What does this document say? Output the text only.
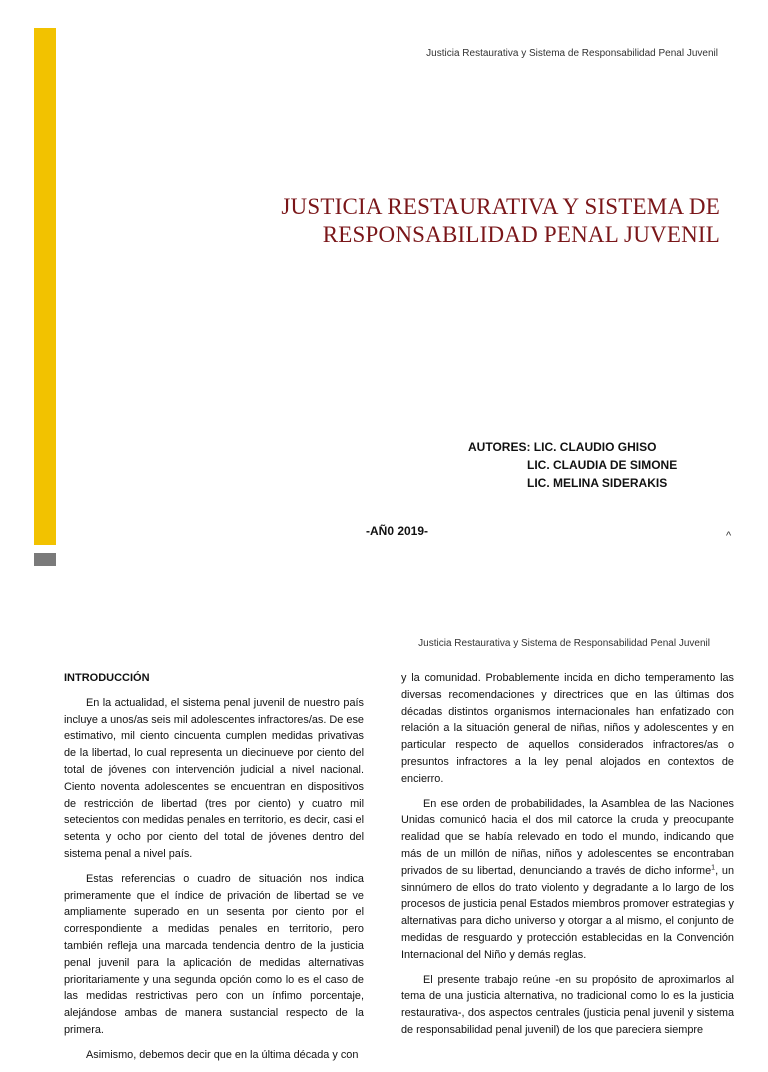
Justicia Restaurativa y Sistema de Responsabilidad Penal Juvenil
JUSTICIA RESTAURATIVA Y SISTEMA DE
RESPONSABILIDAD PENAL JUVENIL
AUTORES: LIC. CLAUDIO GHISO
LIC. CLAUDIA DE SIMONE
LIC. MELINA SIDERAKIS
-AÑ0 2019-	^
Justicia Restaurativa y Sistema de Responsabilidad Penal Juvenil
INTRODUCCIÓN

En la actualidad, el sistema penal juvenil de nuestro país incluye a unos/as seis mil adolescentes infractores/as. De ese estimativo, mil ciento cincuenta cumplen medidas privativas de la libertad, lo cual representa un diecinueve por ciento del total de jóvenes con intervención judicial a nivel nacional. Ciento noventa adolescentes se encuentran en dispositivos de restricción de libertad (tres por ciento) y cuatro mil setecientos con medidas penales en territorio, es decir, casi el setenta y ocho por ciento del total de jóvenes dentro del sistema penal a nivel país.

Estas referencias o cuadro de situación nos indica primeramente que el índice de privación de libertad se ve ampliamente superado en un sesenta por ciento por el correspondiente a medidas penales en territorio, pero también refleja una marcada tendencia dentro de la justicia penal juvenil para la aplicación de medidas alternativas prioritariamente y una segunda opción como lo es el caso de las medidas restrictivas pero con un ínfimo porcentaje, alejándose ambas de manera sustancial respecto de la primera.

Asimismo, debemos decir que en la última década y con

y la comunidad. Probablemente incida en dicho temperamento las diversas recomendaciones y directrices que en las últimas dos décadas distintos organismos internacionales han enfatizado con relación a la situación general de niñas, niños y adolescentes y en particular respecto de aquellos considerados infractores/as o presuntos infractores a la ley penal alojados en contextos de encierro.

En ese orden de probabilidades, la Asamblea de las Naciones Unidas comunicó hacia el dos mil catorce la cruda y preocupante realidad que se había relevado en todo el mundo, indicando que más de un millón de niñas, niños y adolescentes se encontraban privados de su libertad, denunciando a través de dicho informe$^1$, un sinnúmero de ellos do trato violento y degradante a lo largo de los procesos de justicia penal Estados miembros promover estrategias y alternativas para dicho universo y otorgar a al mismo, el conjunto de medidas de resguardo y protección establecidas en la Convención Internacional del Niño y demás reglas.

El presente trabajo reúne -en su propósito de aproximarlos al tema de una justicia alternativa, no tradicional como lo es la justicia restaurativa-, dos aspectos centrales (justicia penal juvenil y sistema de responsabilidad penal juvenil) de los que pareciera siempre
